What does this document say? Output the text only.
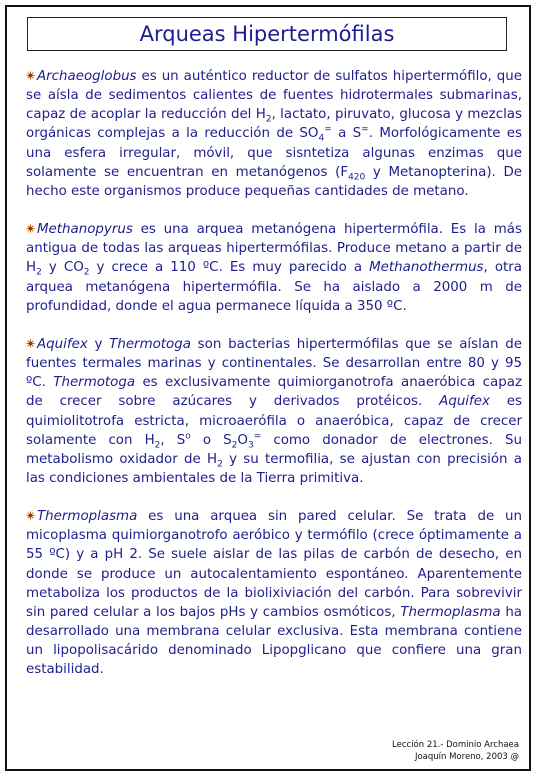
Arqueas Hipertermófilas

Archaeoglobus es un auténtico reductor de sulfatos hipertermófilo, que se aísla de sedimentos calientes de fuentes hidrotermales submarinas, capaz de acoplar la reducción del $H_2$, lactato, piruvato, glucosa y mezclas orgánicas complejas a la reducción de $SO_4^=$ a S=. Morfológicamente es una esfera irregular, móvil, que sisntetiza algunas enzimas que solamente se encuentran en metanógenos ($F_{420}$ y Metanopterina). De hecho este organismos produce pequeñas cantidades de metano.

Methanopyrus es una arquea metanógena hipertermófila. Es la más antigua de todas las arqueas hipertermófilas. Produce metano a partir de $H_2$ y $CO_2$ y crece a 110 ºC. Es muy parecido a Methanothermus, otra arquea metanógena hipertermófila. Se ha aislado a 2000 m de profundidad, donde el agua permanece líquida a 350 ºC.

Aquifex y Thermotoga son bacterias hipertermófilas que se aíslan de fuentes termales marinas y continentales. Se desarrollan entre 80 y 95 ºC. Thermotoga es exclusivamente quimiorganotrofa anaeróbica capaz de crecer sobre azúcares y derivados protéicos. Aquifex es quimiolitotrofa estricta, microaerófila o anaeróbica, capaz de crecer solamente con $H_2$, $S^o$ o $S_2O_3^=$ como donador de electrones. Su metabolismo oxidador de $H_2$ y su termofilia, se ajustan con precisión a las condiciones ambientales de la Tierra primitiva.

Thermoplasma es una arquea sin pared celular. Se trata de un micoplasma quimiorganotrofo aeróbico y termófilo (crece óptimamente a 55 ºC) y a pH 2. Se suele aislar de las pilas de carbón de desecho, en donde se produce un autocalentamiento espontáneo. Aparentemente metaboliza los productos de la biolixiviación del carbón. Para sobrevivir sin pared celular a los bajos pHs y cambios osmóticos, Thermoplasma ha desarrollado una membrana celular exclusiva. Esta membrana contiene un lipopolisacárido denominado Lipopglicano que confiere una gran estabilidad.

Lección 21.- Dominio Archaea
Joaquín Moreno, 2003 @
